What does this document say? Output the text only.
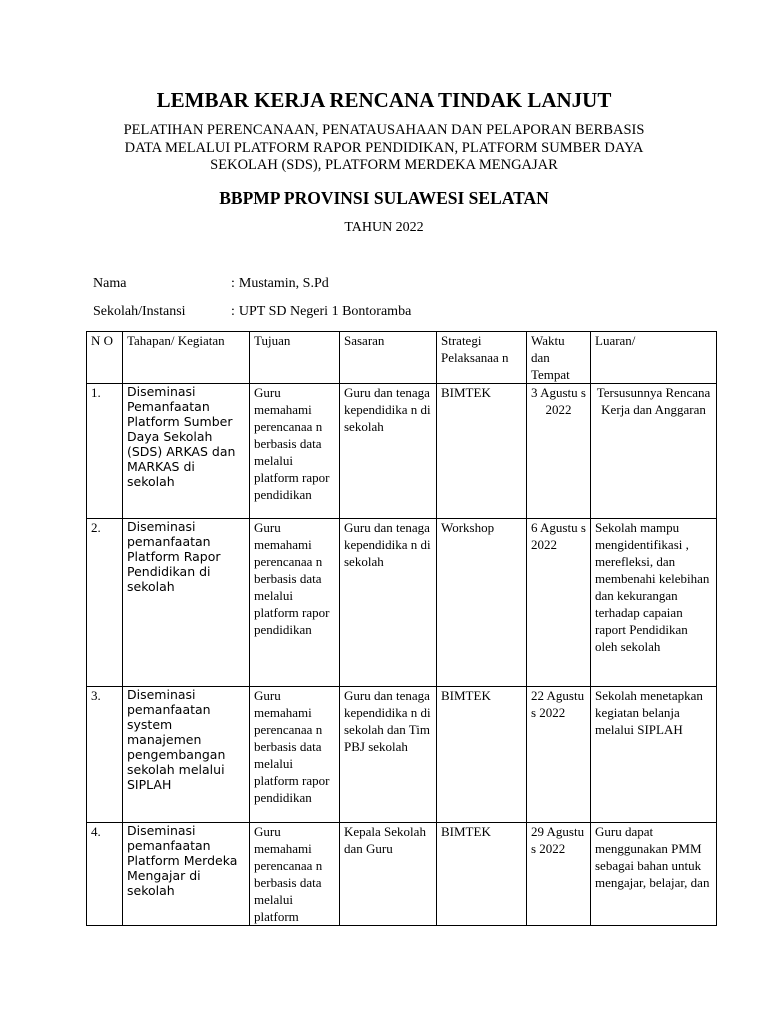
LEMBAR KERJA RENCANA TINDAK LANJUT
PELATIHAN PERENCANAAN, PENATAUSAHAAN DAN PELAPORAN BERBASIS
DATA MELALUI PLATFORM RAPOR PENDIDIKAN, PLATFORM SUMBER DAYA
SEKOLAH (SDS), PLATFORM MERDEKA MENGAJAR
BBPMP PROVINSI SULAWESI SELATAN
TAHUN 2022
Nama	: Mustamin, S.Pd
Sekolah/Instansi	: UPT SD Negeri 1 Bontoramba
N O	Tahapan/ Kegiatan	Tujuan	Sasaran	Strategi Pelaksanaa n	Waktu dan Tempat	Luaran/
1.	Diseminasi Pemanfaatan Platform Sumber Daya Sekolah (SDS) ARKAS dan MARKAS di sekolah	Guru memahami perencanaa n berbasis data melalui platform rapor pendidikan	Guru dan tenaga kependidika n di sekolah	BIMTEK	3 Agustu s 2022	Tersusunnya Rencana Kerja dan Anggaran
2.	Diseminasi pemanfaatan Platform Rapor Pendidikan di sekolah	Guru memahami perencanaa n berbasis data melalui platform rapor pendidikan	Guru dan tenaga kependidika n di sekolah	Workshop	6 Agustu s 2022	Sekolah mampu mengidentifikasi , merefleksi, dan membenahi kelebihan dan kekurangan terhadap capaian raport Pendidikan oleh sekolah
3.	Diseminasi pemanfaatan system manajemen pengembangan sekolah melalui SIPLAH	Guru memahami perencanaa n berbasis data melalui platform rapor pendidikan	Guru dan tenaga kependidika n di sekolah dan Tim PBJ sekolah	BIMTEK	22 Agustu s 2022	Sekolah menetapkan kegiatan belanja melalui SIPLAH
4.	Diseminasi pemanfaatan Platform Merdeka Mengajar di sekolah	Guru memahami perencanaa n berbasis data melalui platform	Kepala Sekolah dan Guru	BIMTEK	29 Agustu s 2022	Guru dapat menggunakan PMM sebagai bahan untuk mengajar, belajar, dan
